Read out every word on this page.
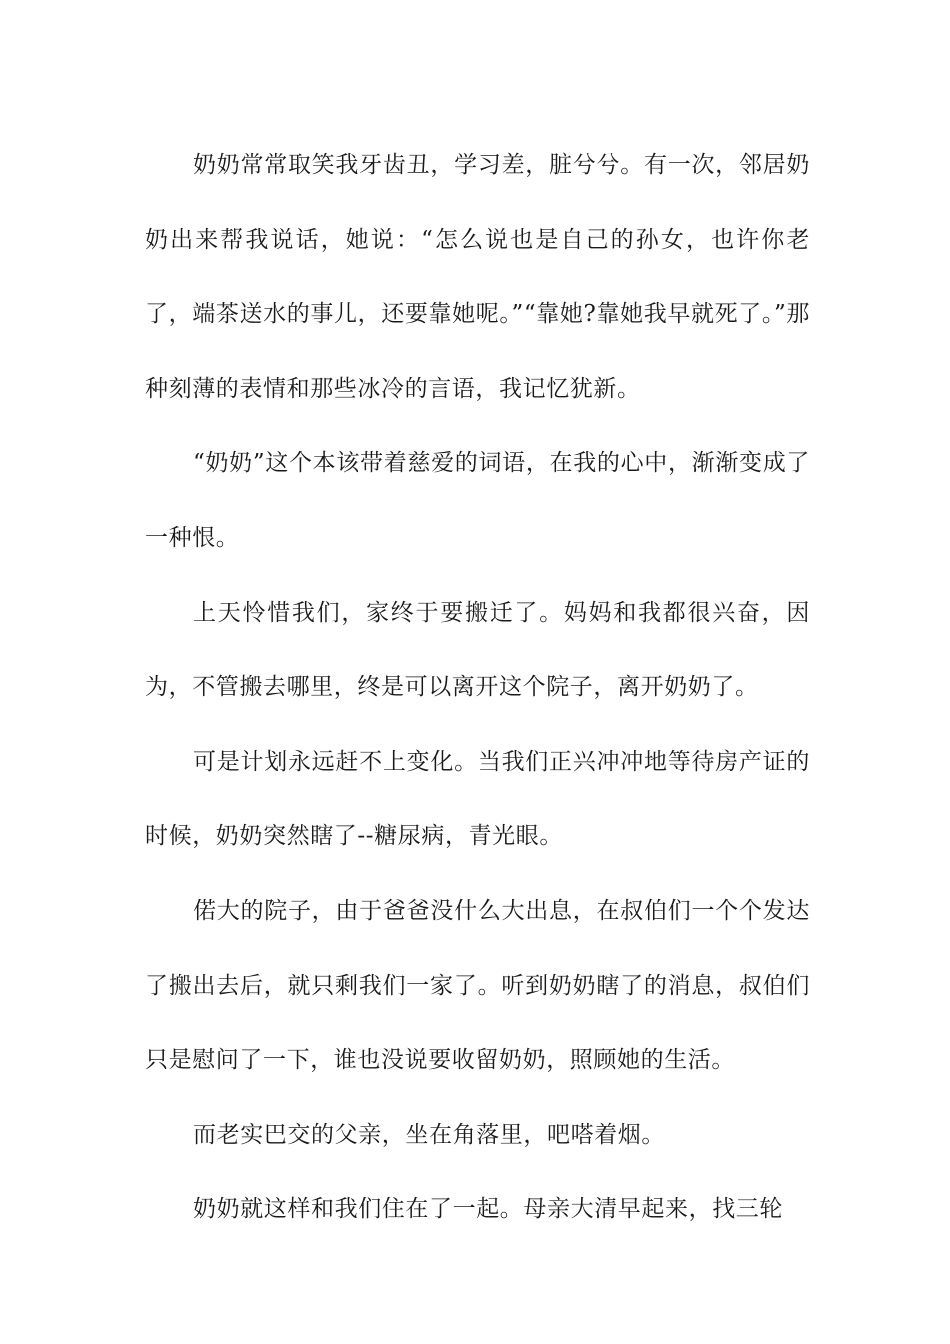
奶奶常常取笑我牙齿丑，学习差，脏兮兮。有一次，邻居奶奶出来帮我说话，她说：“怎么说也是自己的孙女，也许你老了，端茶送水的事儿，还要靠她呢。”“靠她?靠她我早就死了。”那种刻薄的表情和那些冰冷的言语，我记忆犹新。

“奶奶”这个本该带着慈爱的词语，在我的心中，渐渐变成了一种恨。

上天怜惜我们，家终于要搬迁了。妈妈和我都很兴奋，因为，不管搬去哪里，终是可以离开这个院子，离开奶奶了。

可是计划永远赶不上变化。当我们正兴冲冲地等待房产证的时候，奶奶突然瞎了--糖尿病，青光眼。

偌大的院子，由于爸爸没什么大出息，在叔伯们一个个发达了搬出去后，就只剩我们一家了。听到奶奶瞎了的消息，叔伯们只是慰问了一下，谁也没说要收留奶奶，照顾她的生活。

而老实巴交的父亲，坐在角落里，吧嗒着烟。

奶奶就这样和我们住在了一起。母亲大清早起来，找三轮
